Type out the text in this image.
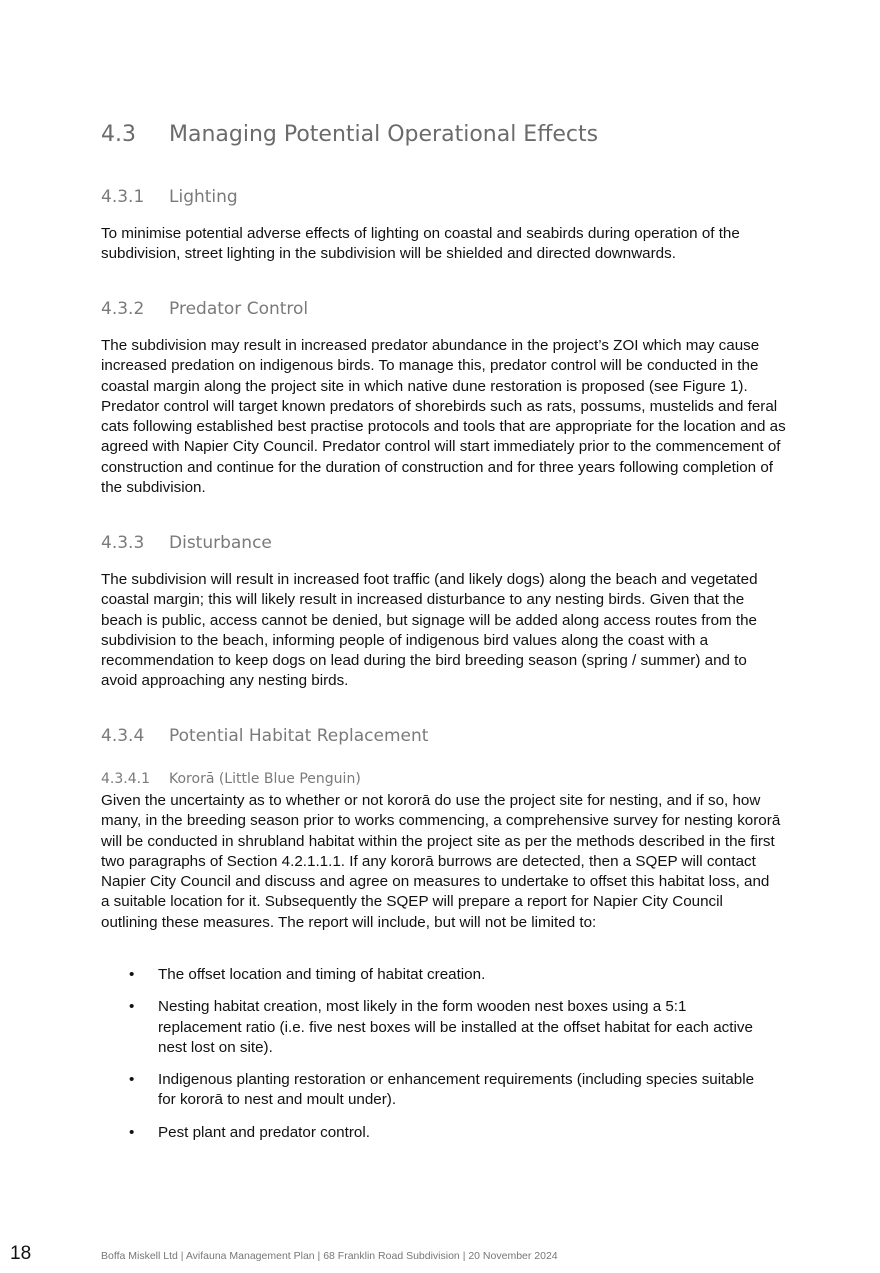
4.3 Managing Potential Operational Effects
4.3.1 Lighting

To minimise potential adverse effects of lighting on coastal and seabirds during operation of the subdivision, street lighting in the subdivision will be shielded and directed downwards.

4.3.2 Predator Control

The subdivision may result in increased predator abundance in the project’s ZOI which may cause increased predation on indigenous birds. To manage this, predator control will be conducted in the coastal margin along the project site in which native dune restoration is proposed (see Figure 1). Predator control will target known predators of shorebirds such as rats, possums, mustelids and feral cats following established best practise protocols and tools that are appropriate for the location and as agreed with Napier City Council. Predator control will start immediately prior to the commencement of construction and continue for the duration of construction and for three years following completion of the subdivision.

4.3.3 Disturbance

The subdivision will result in increased foot traffic (and likely dogs) along the beach and vegetated coastal margin; this will likely result in increased disturbance to any nesting birds. Given that the beach is public, access cannot be denied, but signage will be added along access routes from the subdivision to the beach, informing people of indigenous bird values along the coast with a recommendation to keep dogs on lead during the bird breeding season (spring / summer) and to avoid approaching any nesting birds.

4.3.4 Potential Habitat Replacement
4.3.4.1 Kororā (Little Blue Penguin)

Given the uncertainty as to whether or not kororā do use the project site for nesting, and if so, how many, in the breeding season prior to works commencing, a comprehensive survey for nesting kororā will be conducted in shrubland habitat within the project site as per the methods described in the first two paragraphs of Section 4.2.1.1.1. If any kororā burrows are detected, then a SQEP will contact Napier City Council and discuss and agree on measures to undertake to offset this habitat loss, and a suitable location for it. Subsequently the SQEP will prepare a report for Napier City Council outlining these measures. The report will include, but will not be limited to:

• The offset location and timing of habitat creation.
• Nesting habitat creation, most likely in the form wooden nest boxes using a 5:1 replacement ratio (i.e. five nest boxes will be installed at the offset habitat for each active nest lost on site).
• Indigenous planting restoration or enhancement requirements (including species suitable for kororā to nest and moult under).
• Pest plant and predator control.
18	Boffa Miskell Ltd | Avifauna Management Plan | 68 Franklin Road Subdivision | 20 November 2024
